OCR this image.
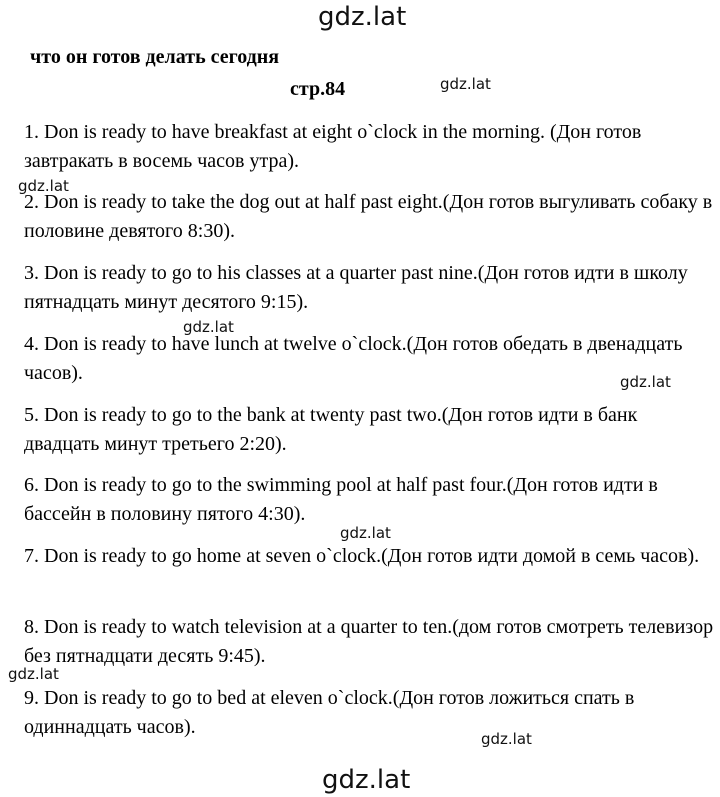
gdz.lat
что он готов делать сегодня
стр.84	gdz.lat
1. Don is ready to have breakfast at eight o`clock in the morning. (Дон готов завтракать в восемь часов утра).
gdz.lat
2. Don is ready to take the dog out at half past eight.(Дон готов выгуливать собаку в половине девятого 8:30).
3. Don is ready to go to his classes at a quarter past nine.(Дон готов идти в школу пятнадцать минут десятого 9:15).
gdz.lat
4. Don is ready to have lunch at twelve o`clock.(Дон готов обедать в двенадцать часов).	gdz.lat
5. Don is ready to go to the bank at twenty past two.(Дон готов идти в банк двадцать минут третьего 2:20).
6. Don is ready to go to the swimming pool at half past four.(Дон готов идти в бассейн в половину пятого 4:30).
gdz.lat
7. Don is ready to go home at seven o`clock.(Дон готов идти домой в семь часов).
8. Don is ready to watch television at a quarter to ten.(дом готов смотреть телевизор без пятнадцати десять 9:45).
gdz.lat
9. Don is ready to go to bed at eleven o`clock.(Дон готов ложиться спать в одиннадцать часов).
gdz.lat
gdz.lat
